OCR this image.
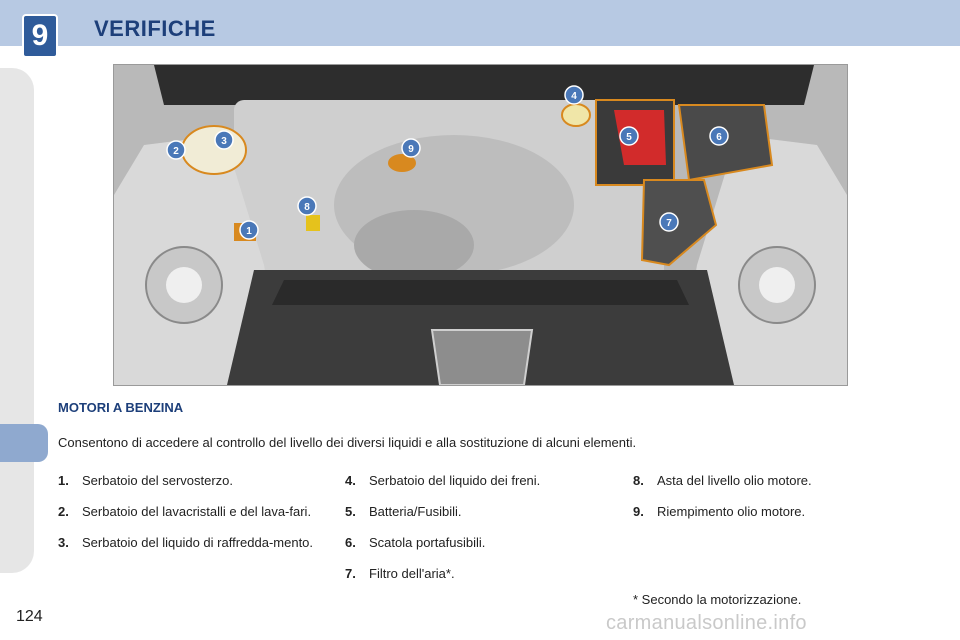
9	VERIFICHE
1
2
3
4
5	6
7
8
9
MOTORI A BENZINA
Consentono di accedere al controllo del livello dei diversi liquidi e alla sostituzione di alcuni elementi.
1. Serbatoio del servosterzo.
2. Serbatoio del lavacristalli e del lava-fari.
3. Serbatoio del liquido di raffredda-mento.
4. Serbatoio del liquido dei freni.
5. Batteria/Fusibili.
6. Scatola portafusibili.
7. Filtro dell'aria*.
8. Asta del livello olio motore.
9. Riempimento olio motore.
* Secondo la motorizzazione.
124	carmanualsonline.info
